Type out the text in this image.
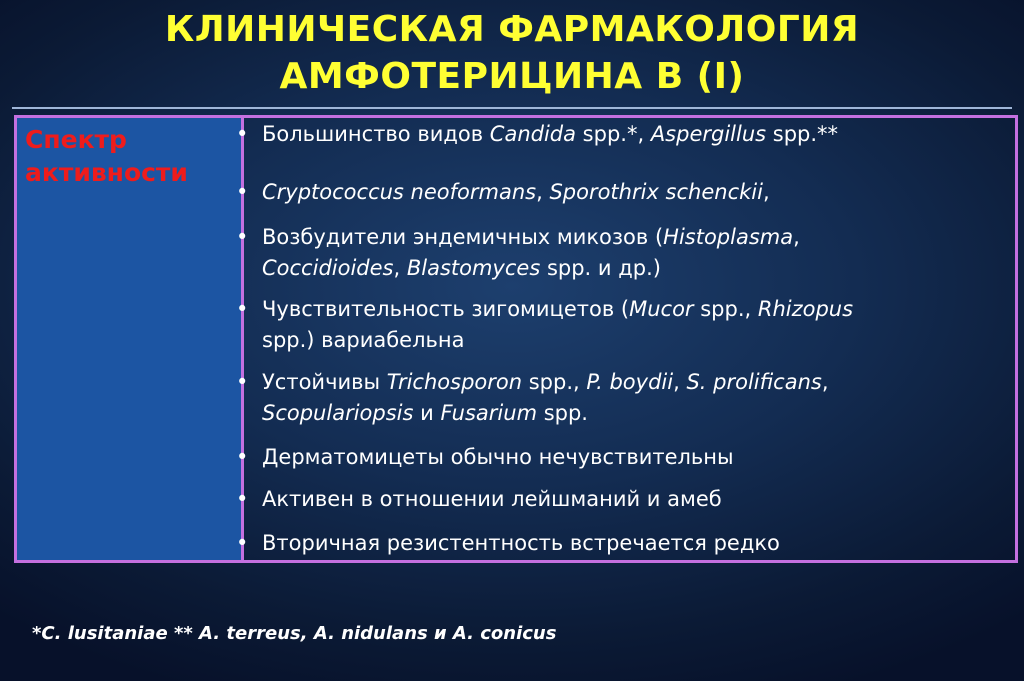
КЛИНИЧЕСКАЯ ФАРМАКОЛОГИЯ
АМФОТЕРИЦИНА В (I)
Спектр
активности
• Большинство видов Candida spp.*, Aspergillus spp.**
• Cryptococcus neoformans, Sporothrix schenckii,
• Возбудители эндемичных микозов (Histoplasma,
Coccidioides, Blastomyces spp. и др.)
• Чувствительность зигомицетов (Mucor spp., Rhizopus
spp.) вариабельна
• Устойчивы Trichosporon spp., P. boydii, S. prolificans,
Scopulariopsis и Fusarium spp.
• Дерматомицеты обычно нечувствительны
• Активен в отношении лейшманий и амеб
• Вторичная резистентность встречается редко
*C. lusitaniae ** A. terreus, A. nidulans и A. conicus
